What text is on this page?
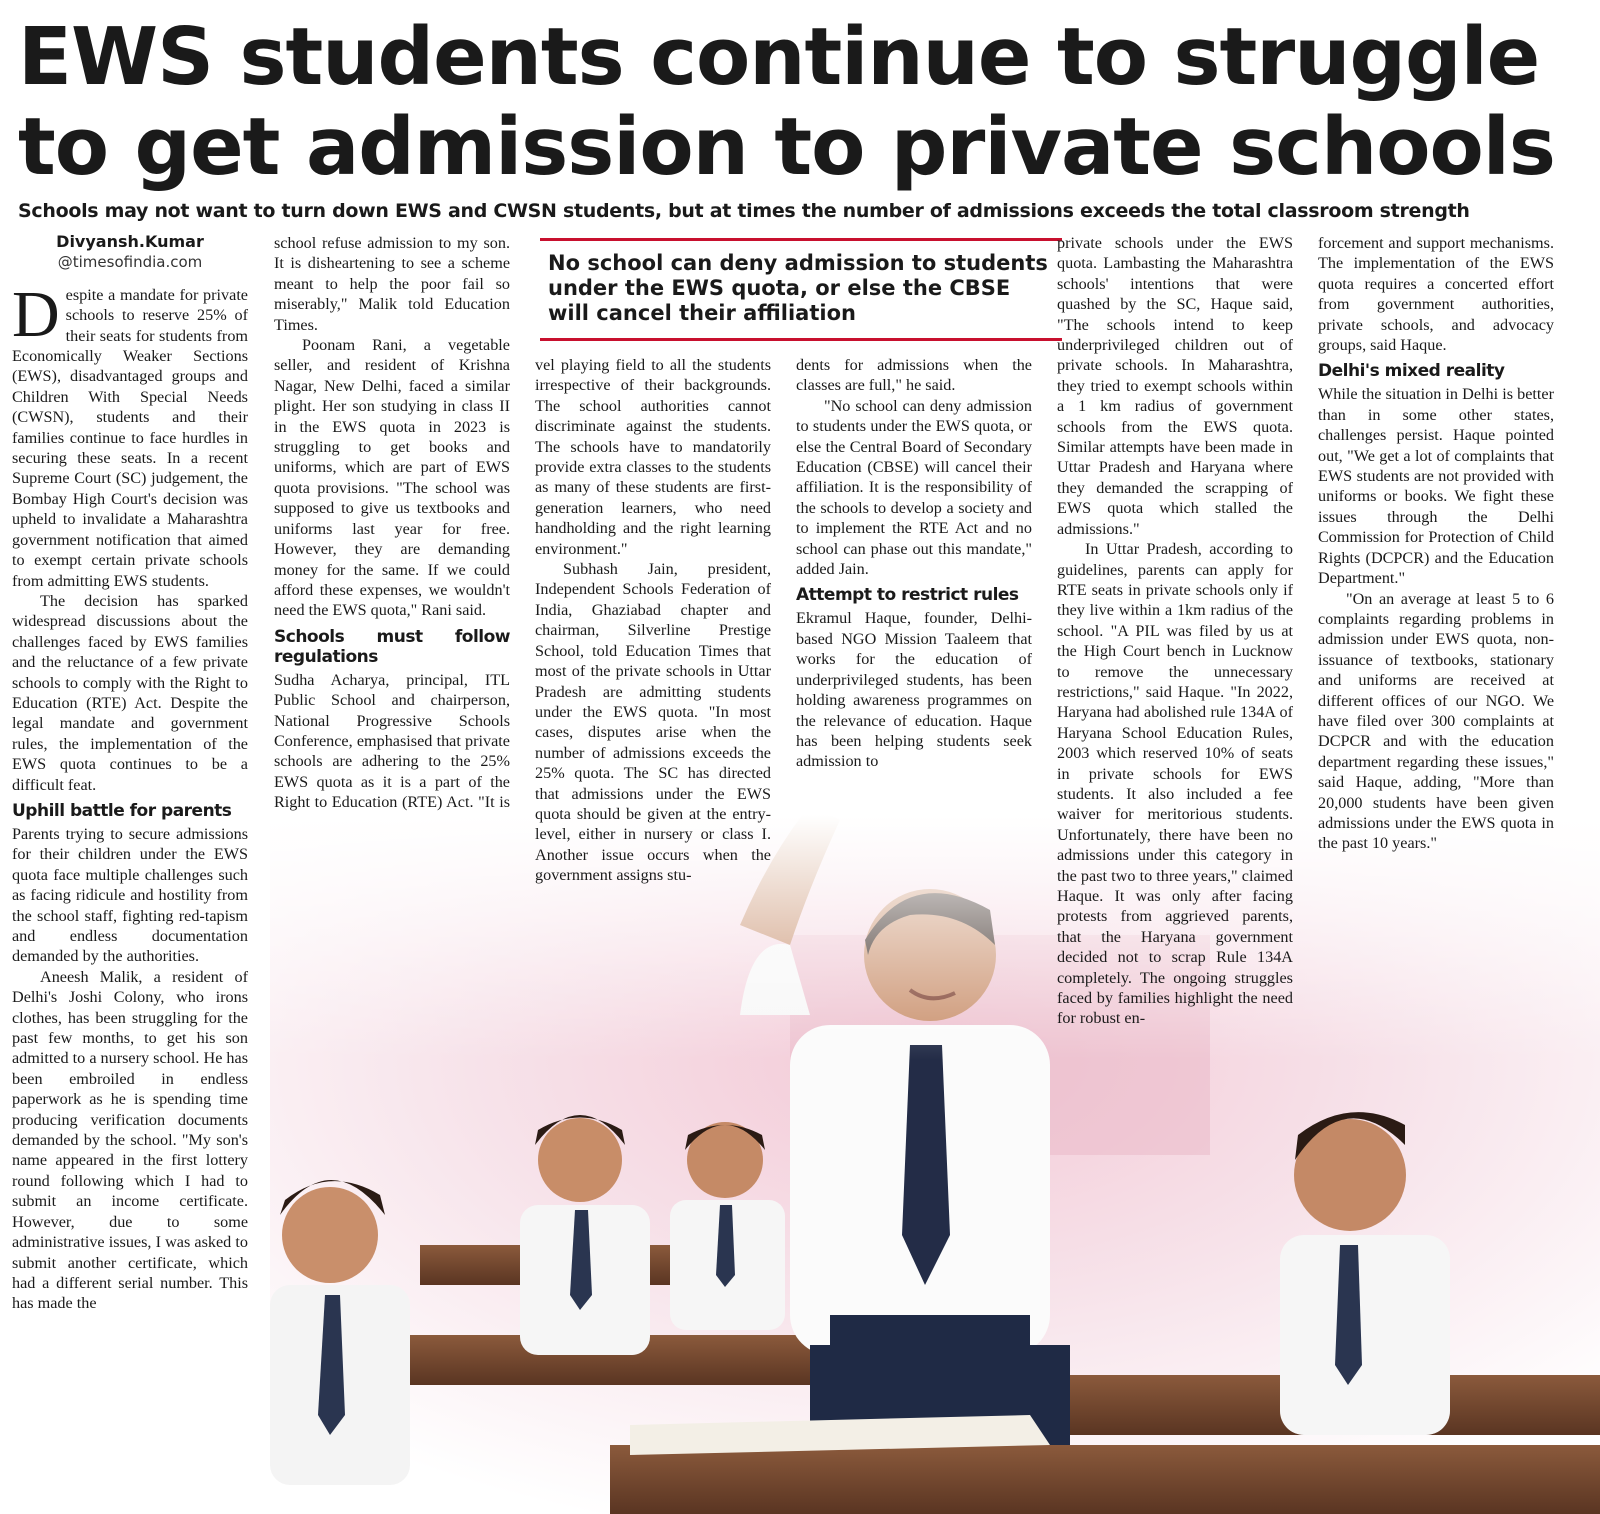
EWS students continue to struggle
to get admission to private schools
Schools may not want to turn down EWS and CWSN students, but at times the number of admissions exceeds the total classroom strength
Divyansh.Kumar
@timesofindia.com

Despite a mandate for private schools to reserve 25% of their seats for students from Economically Weaker Sections (EWS), disadvantaged groups and Children With Special Needs (CWSN), students and their families continue to face hurdles in securing these seats. In a recent Supreme Court (SC) judgement, the Bombay High Court's decision was upheld to invalidate a Maharashtra government notification that aimed to exempt certain private schools from admitting EWS students.

The decision has sparked widespread discussions about the challenges faced by EWS families and the reluctance of a few private schools to comply with the Right to Education (RTE) Act. Despite the legal mandate and government rules, the implementation of the EWS quota continues to be a difficult feat.

Uphill battle for parents

Parents trying to secure admissions for their children under the EWS quota face multiple challenges such as facing ridicule and hostility from the school staff, fighting red-tapism and endless documentation demanded by the authorities.

Aneesh Malik, a resident of Delhi's Joshi Colony, who irons clothes, has been struggling for the past few months, to get his son admitted to a nursery school. He has been embroiled in endless paperwork as he is spending time producing verification documents demanded by the school. "My son's name appeared in the first lottery round following which I had to submit an income certificate. However, due to some administrative issues, I was asked to submit another certificate, which had a different serial number. This has made the

school refuse admission to my son. It is disheartening to see a scheme meant to help the poor fail so miserably," Malik told Education Times.

Poonam Rani, a vegetable seller, and resident of Krishna Nagar, New Delhi, faced a similar plight. Her son studying in class II in the EWS quota in 2023 is struggling to get books and uniforms, which are part of EWS quota provisions. "The school was supposed to give us textbooks and uniforms last year for free. However, they are demanding money for the same. If we could afford these expenses, we wouldn't need the EWS quota," Rani said.

Schools must follow regulations

Sudha Acharya, principal, ITL Public School and chairperson, National Progressive Schools Conference, emphasised that private schools are adhering to the 25% EWS quota as it is a part of the Right to Education (RTE) Act. "It is

No school can deny admission to students under the EWS quota, or else the CBSE will cancel their affiliation

vel playing field to all the students irrespective of their backgrounds. The school authorities cannot discriminate against the students. The schools have to mandatorily provide extra classes to the students as many of these students are first-generation learners, who need handholding and the right learning environment."

Subhash Jain, president, Independent Schools Federation of India, Ghaziabad chapter and chairman, Silverline Prestige School, told Education Times that most of the private schools in Uttar Pradesh are admitting students under the EWS quota. "In most cases, disputes arise when the number of admissions exceeds the 25% quota. The SC has directed that admissions under the EWS quota should be given at the entry-level, either in nursery or class I. Another issue occurs when the government assigns stu-

dents for admissions when the classes are full," he said.

"No school can deny admission to students under the EWS quota, or else the Central Board of Secondary Education (CBSE) will cancel their affiliation. It is the responsibility of the schools to develop a society and to implement the RTE Act and no school can phase out this mandate," added Jain.

Attempt to restrict rules

Ekramul Haque, founder, Delhi-based NGO Mission Taaleem that works for the education of underprivileged students, has been holding awareness programmes on the relevance of education. Haque has been helping students seek admission to

private schools under the EWS quota. Lambasting the Maharashtra schools' intentions that were quashed by the SC, Haque said, "The schools intend to keep underprivileged children out of private schools. In Maharashtra, they tried to exempt schools within a 1 km radius of government schools from the EWS quota. Similar attempts have been made in Uttar Pradesh and Haryana where they demanded the scrapping of EWS quota which stalled the admissions."

In Uttar Pradesh, according to guidelines, parents can apply for RTE seats in private schools only if they live within a 1km radius of the school. "A PIL was filed by us at the High Court bench in Lucknow to remove the unnecessary restrictions," said Haque. "In 2022, Haryana had abolished rule 134A of Haryana School Education Rules, 2003 which reserved 10% of seats in private schools for EWS students. It also included a fee waiver for meritorious students. Unfortunately, there have been no admissions under this category in the past two to three years," claimed Haque. It was only after facing protests from aggrieved parents, that the Haryana government decided not to scrap Rule 134A completely. The ongoing struggles faced by families highlight the need for robust en-

forcement and support mechanisms. The implementation of the EWS quota requires a concerted effort from government authorities, private schools, and advocacy groups, said Haque.

Delhi's mixed reality

While the situation in Delhi is better than in some other states, challenges persist. Haque pointed out, "We get a lot of complaints that EWS students are not provided with uniforms or books. We fight these issues through the Delhi Commission for Protection of Child Rights (DCPCR) and the Education Department."

"On an average at least 5 to 6 complaints regarding problems in admission under EWS quota, non-issuance of textbooks, stationary and uniforms are received at different offices of our NGO. We have filed over 300 complaints at DCPCR and with the education department regarding these issues," said Haque, adding, "More than 20,000 students have been given admissions under the EWS quota in the past 10 years."
